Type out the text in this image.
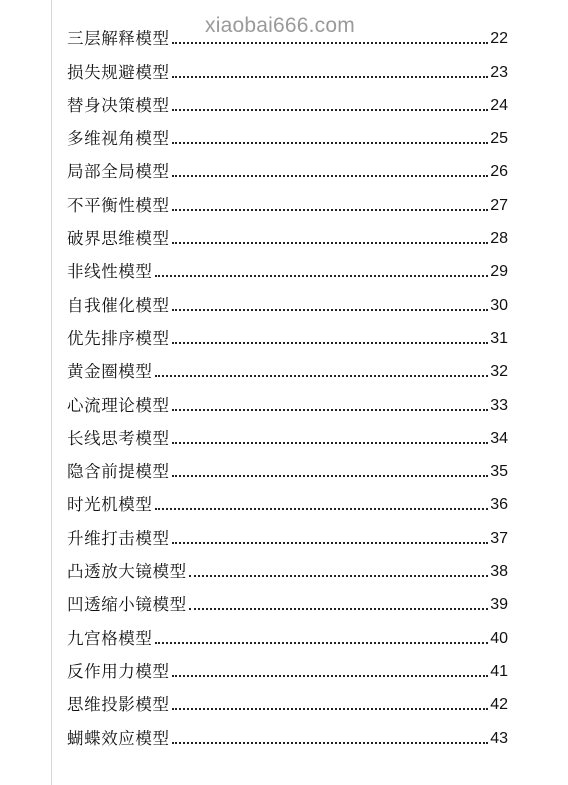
三层解释模型	22
损失规避模型	23
替身决策模型	24
多维视角模型	25
局部全局模型	26
不平衡性模型	27
破界思维模型	28
非线性模型	29
自我催化模型	30
优先排序模型	31
黄金圈模型	32
心流理论模型	33
长线思考模型	34
隐含前提模型	35
时光机模型	36
升维打击模型	37
凸透放大镜模型	38
凹透缩小镜模型	39
九宫格模型	40
反作用力模型	41
思维投影模型	42
蝴蝶效应模型	43
xiaobai666.com
